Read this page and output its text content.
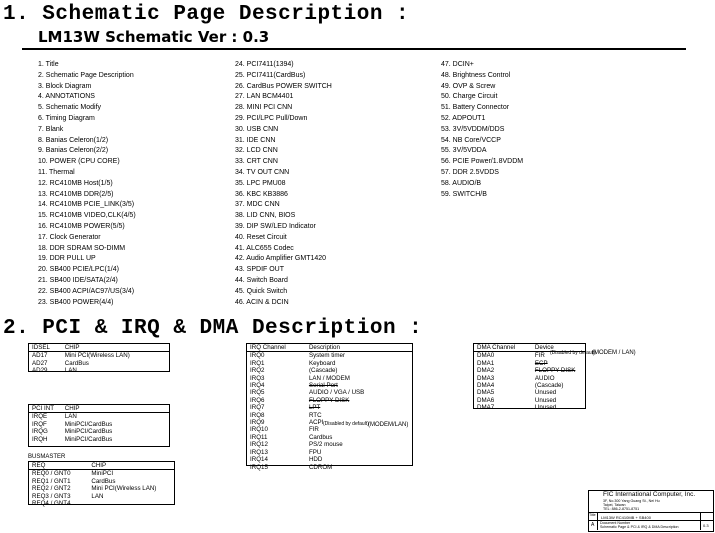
1. Schematic Page Description :
LM13W Schematic Ver : 0.3
1. Title
2. Schematic Page Description
3. Block Diagram
4. ANNOTATIONS
5. Schematic Modify
6. Timing Diagram
7. Blank
8. Banias Celeron(1/2)
9. Banias Celeron(2/2)
10. POWER (CPU CORE)
11. Thermal
12. RC410MB Host(1/5)
13. RC410MB DDR(2/5)
14. RC410MB PCIE_LINK(3/5)
15. RC410MB VIDEO,CLK(4/5)
16. RC410MB POWER(5/5)
17. Clock Generator
18. DDR SDRAM SO-DIMM
19. DDR PULL UP
20. SB400 PCIE/LPC(1/4)
21. SB400 IDE/SATA(2/4)
22. SB400 ACPI/AC97/US(3/4)
23. SB400 POWER(4/4)
24. PCI7411(1394)
25. PCI7411(CardBus)
26. CardBus POWER SWITCH
27. LAN BCM4401
28. MINI PCI CNN
29. PCI/LPC Pull/Down
30. USB CNN
31. IDE CNN
32. LCD CNN
33. CRT CNN
34. TV OUT CNN
35. LPC PMU08
36. KBC KB3886
37. MDC CNN
38. LID CNN, BIOS
39. DIP SW/LED Indicator
40. Reset Circuit
41. ALC655 Codec
42. Audio Amplifier GMT1420
43. SPDIF OUT
44. Switch Board
45. Quick Switch
46. ACIN & DCIN
47. DCIN+
48. Brightness Control
49. OVP & Screw
50. Charge Circuit
51. Battery Connector
52. ADPOUT1
53. 3V/5VDDM/DDS
54. NB Core/VCCP
55. 3V/5VDDA
56. PCIE Power/1.8VDDM
57. DDR 2.5VDDS
58. AUDIO/B
59. SWITCH/B
2. PCI & IRQ & DMA Description :
IDSEL	CHIP
AD17	Mini PCI(Wireless LAN)
AD27	CardBus
AD29	LAN
PCI INT	CHIP
IRQE	LAN
IRQF	MiniPCI/CardBus
IRQG	MiniPCI/CardBus
IRQH	MiniPCI/CardBus
BUSMASTER
REQ	CHIP
REQ0 / GNT0	MiniPCI
REQ1 / GNT1	CardBus
REQ2 / GNT2	Mini PCI(Wireless LAN)
REQ3 / GNT3	LAN
REQ4 / GNT4
IRQ Channel	Description
IRQ0	System timer
IRQ1	Keyboard
IRQ2	(Cascade)
IRQ3	LAN / MODEM
IRQ4	Serial Port
IRQ5	AUDIO / VGA / USB
IRQ6	FLOPPY DISK
IRQ7	LPT
IRQ8	RTC
IRQ9	ACPI
IRQ10	FIR
IRQ11	Cardbus
IRQ12	PS/2 mouse
IRQ13	FPU
IRQ14	HDD
IRQ15	CDROM
(Disabled by default) (MODEM/LAN)
DMA Channel	Device
DMA0	FIR
DMA1	ECP
DMA2	FLOPPY DISK
DMA3	AUDIO
DMA4	(Cascade)
DMA5	Unused
DMA6	Unused
DMA7	Unused
(Disabled by default)
(MODEM / LAN)
FIC International Computer, Inc.
3F, No.300 Yang Guang St., Nei Hu
Taipei, Taiwan
TEL: 886-2-8751-8751
Title LM13W RC410MB + SB400
A Document Number
Schematic Page & PCI & IRQ & DMA Description	0.3
